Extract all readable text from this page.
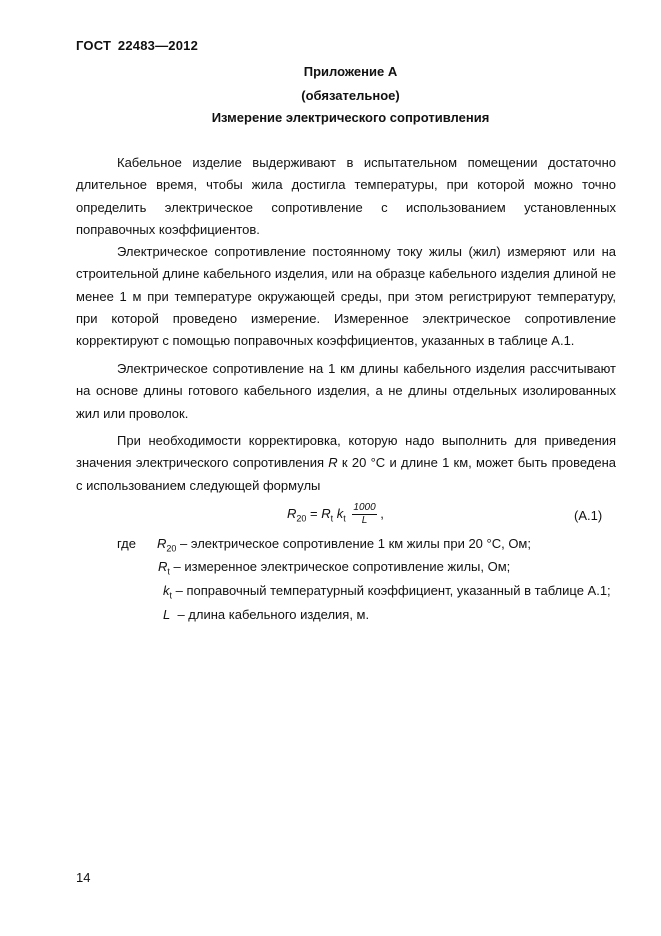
ГОСТ 22483—2012
Приложение А
(обязательное)
Измерение электрического сопротивления

Кабельное изделие выдерживают в испытательном помещении достаточно длительное время, чтобы жила достигла температуры, при которой можно точно определить электрическое сопротивление с использованием установленных поправочных коэффициентов.

Электрическое сопротивление постоянному току жилы (жил) измеряют или на строительной длине кабельного изделия, или на образце кабельного изделия длиной не менее 1 м при температуре окружающей среды, при этом регистрируют температуру, при которой проведено измерение. Измеренное электрическое сопротивление корректируют с помощью поправочных коэффициентов, указанных в таблице А.1.

Электрическое сопротивление на 1 км длины кабельного изделия рассчитывают на основе длины готового кабельного изделия, а не длины отдельных изолированных жил или проволок.

При необходимости корректировка, которую надо выполнить для приведения значения электрического сопротивления R к 20 °С и длине 1 км, может быть проведена с использованием следующей формулы

$R_{20} = R_t$ $k_t \frac{1000}{L}$ ,	(А.1)
где $R_{20}$ – электрическое сопротивление 1 км жилы при 20 °С, Ом;
$R_t$ – измеренное электрическое сопротивление жилы, Ом;
$k_t$ – поправочный температурный коэффициент, указанный в таблице А.1;
L  – длина кабельного изделия, м.
14
